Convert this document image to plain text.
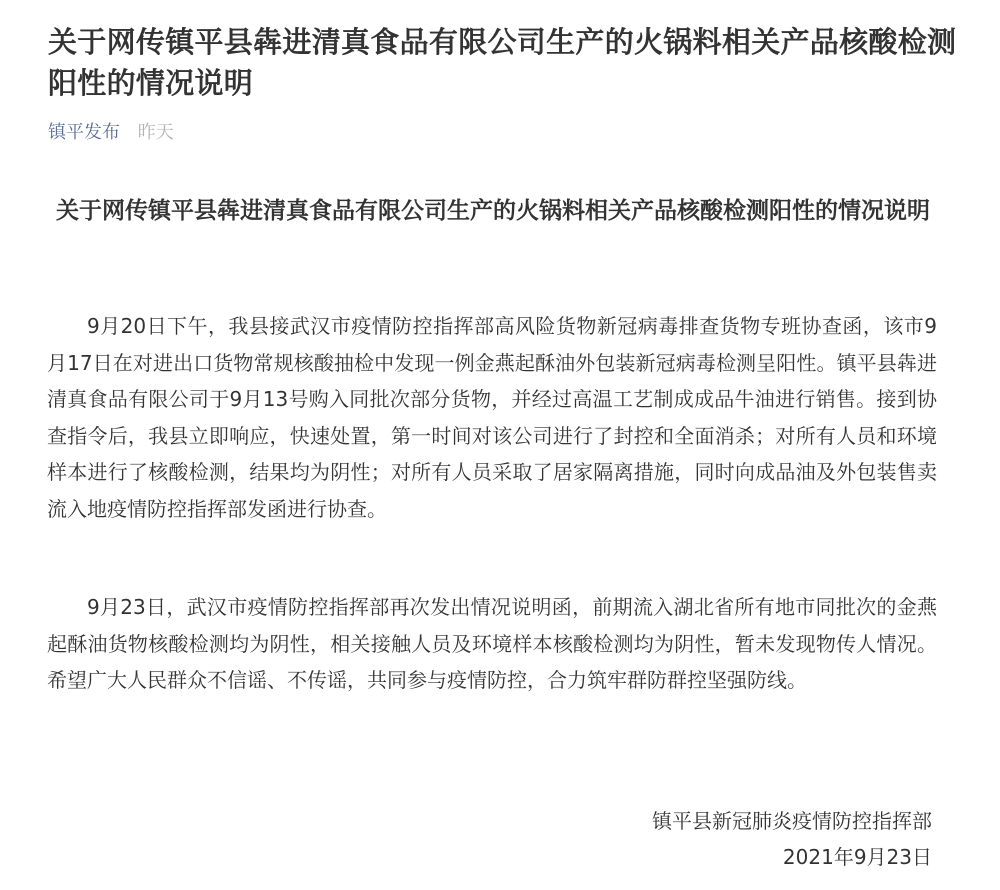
关于网传镇平县犇进清真食品有限公司生产的火锅料相关产品核酸检测阳性的情况说明
镇平发布 昨天
关于网传镇平县犇进清真食品有限公司生产的火锅料相关产品核酸检测阳性的情况说明

9月20日下午，我县接武汉市疫情防控指挥部高风险货物新冠病毒排查货物专班协查函，该市9月17日在对进出口货物常规核酸抽检中发现一例金燕起酥油外包装新冠病毒检测呈阳性。镇平县犇进清真食品有限公司于9月13号购入同批次部分货物，并经过高温工艺制成成品牛油进行销售。接到协查指令后，我县立即响应，快速处置，第一时间对该公司进行了封控和全面消杀；对所有人员和环境样本进行了核酸检测，结果均为阴性；对所有人员采取了居家隔离措施，同时向成品油及外包装售卖流入地疫情防控指挥部发函进行协查。

9月23日，武汉市疫情防控指挥部再次发出情况说明函，前期流入湖北省所有地市同批次的金燕起酥油货物核酸检测均为阴性，相关接触人员及环境样本核酸检测均为阴性，暂未发现物传人情况。希望广大人民群众不信谣、不传谣，共同参与疫情防控，合力筑牢群防群控坚强防线。

镇平县新冠肺炎疫情防控指挥部

2021年9月23日
